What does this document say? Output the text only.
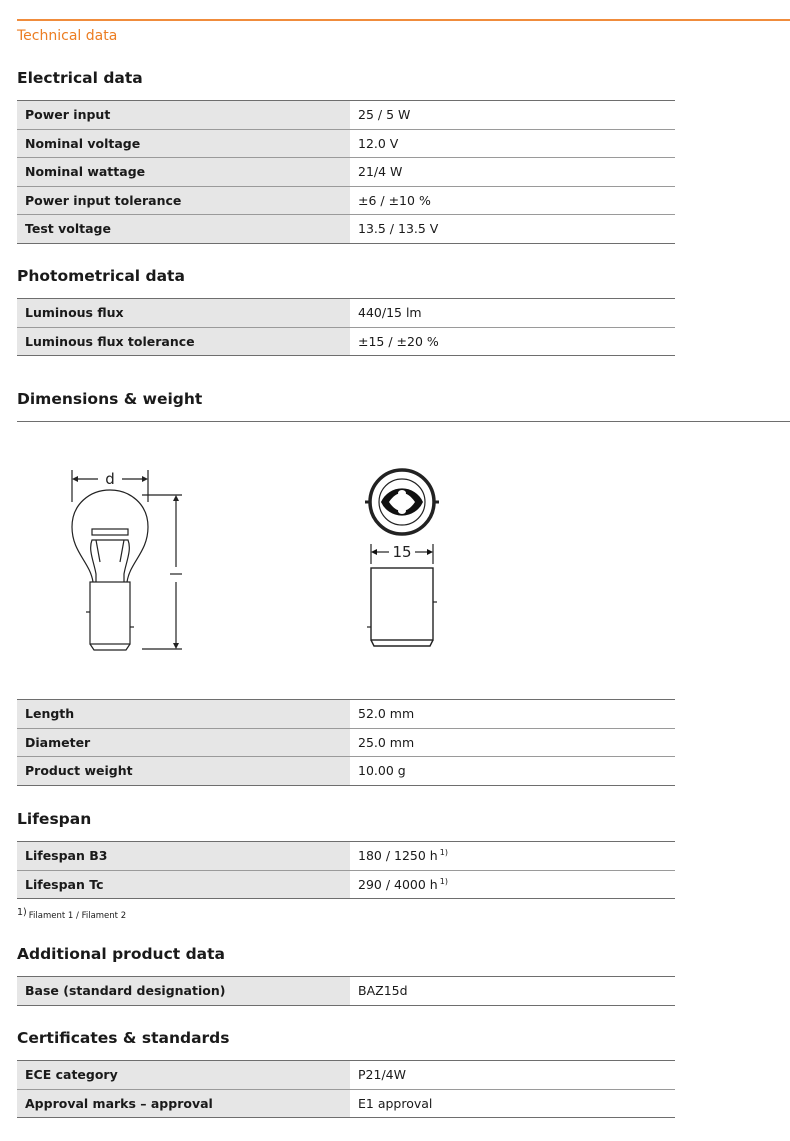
Technical data
Electrical data
Power input	25 / 5 W
Nominal voltage	12.0 V
Nominal wattage	21/4 W
Power input tolerance	±6 / ±10 %
Test voltage	13.5 / 13.5 V
Photometrical data
Luminous flux	440/15 lm
Luminous flux tolerance	±15 / ±20 %
Dimensions & weight
d
15
Length	52.0 mm
Diameter	25.0 mm
Product weight	10.00 g
Lifespan
Lifespan B3	180 / 1250 h $^{1)}$
Lifespan Tc	290 / 4000 h $^{1)}$
1) Filament 1 / Filament 2
Additional product data
Base (standard designation)	BAZ15d
Certificates & standards
ECE category	P21/4W
Approval marks – approval	E1 approval
